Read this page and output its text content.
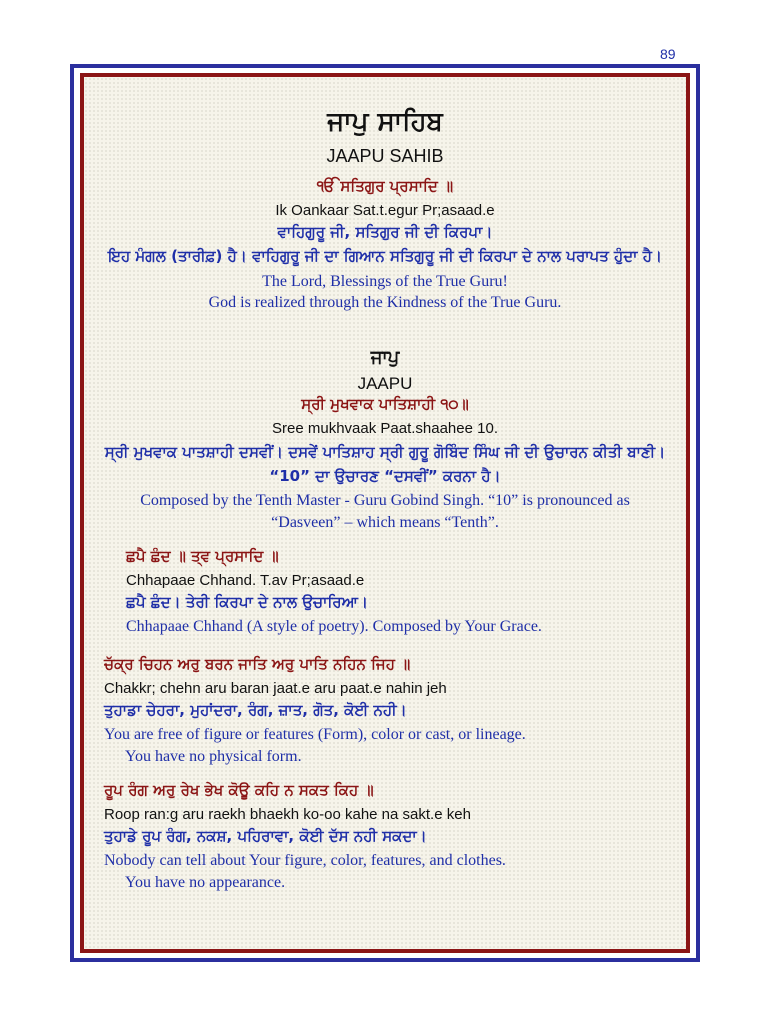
89
ਜਾਪੁ ਸਾਹਿਬ
JAAPU SAHIB
ੴ ਸਤਿਗੁਰ ਪ੍ਰਸਾਦਿ ॥
Ik Oankaar Sat.t.egur Pr;asaad.e
ਵਾਹਿਗੁਰੂ ਜੀ, ਸਤਿਗੁਰ ਜੀ ਦੀ ਕਿਰਪਾ।
ਇਹ ਮੰਗਲ (ਤਾਰੀਫ਼) ਹੈ। ਵਾਹਿਗੁਰੂ ਜੀ ਦਾ ਗਿਆਨ ਸਤਿਗੁਰੂ ਜੀ ਦੀ ਕਿਰਪਾ ਦੇ ਨਾਲ ਪਰਾਪਤ ਹੁੰਦਾ ਹੈ।
The Lord, Blessings of the True Guru!
God is realized through the Kindness of the True Guru.
ਜਾਪੁ
JAAPU
ਸ੍ਰੀ ਮੁਖਵਾਕ ਪਾਤਿਸ਼ਾਹੀ ੧੦॥
Sree mukhvaak Paat.shaahee 10.
ਸ੍ਰੀ ਮੁਖਵਾਕ ਪਾਤਸ਼ਾਹੀ ਦਸਵੀਂ। ਦਸਵੇਂ ਪਾਤਿਸ਼ਾਹ ਸ੍ਰੀ ਗੁਰੂ ਗੋਬਿੰਦ ਸਿੰਘ ਜੀ ਦੀ ਉਚਾਰਨ ਕੀਤੀ ਬਾਣੀ।
“10” ਦਾ ਉਚਾਰਣ “ਦਸਵੀਂ” ਕਰਨਾ ਹੈ।
Composed by the Tenth Master - Guru Gobind Singh. “10” is pronounced as
“Dasveen” – which means “Tenth”.
ਛਪੈ ਛੰਦ ॥ ਤ੍ਵ ਪ੍ਰਸਾਦਿ ॥
Chhapaae Chhand. T.av Pr;asaad.e
ਛਪੈ ਛੰਦ। ਤੇਰੀ ਕਿਰਪਾ ਦੇ ਨਾਲ ਉਚਾਰਿਆ।
Chhapaae Chhand (A style of poetry). Composed by Your Grace.
ਚੱਕ੍ਰ ਚਿਹਨ ਅਰੁ ਬਰਨ ਜਾਤਿ ਅਰੁ ਪਾਤਿ ਨਹਿਨ ਜਿਹ ॥
Chakkr; chehn aru baran jaat.e aru paat.e nahin jeh
ਤੁਹਾਡਾ ਚੇਹਰਾ, ਮੁਹਾਂਦਰਾ, ਰੰਗ, ਜ਼ਾਤ, ਗੋਤ, ਕੋਈ ਨਹੀ।
You are free of figure or features (Form), color or cast, or lineage.
You have no physical form.
ਰੂਪ ਰੰਗ ਅਰੁ ਰੇਖ ਭੇਖ ਕੋਊ ਕਹਿ ਨ ਸਕਤ ਕਿਹ ॥
Roop ran:g aru raekh bhaekh ko-oo kahe na sakt.e keh
ਤੁਹਾਡੇ ਰੂਪ ਰੰਗ, ਨਕਸ਼, ਪਹਿਰਾਵਾ, ਕੋਈ ਦੱਸ ਨਹੀ ਸਕਦਾ।
Nobody can tell about Your figure, color, features, and clothes.
You have no appearance.
